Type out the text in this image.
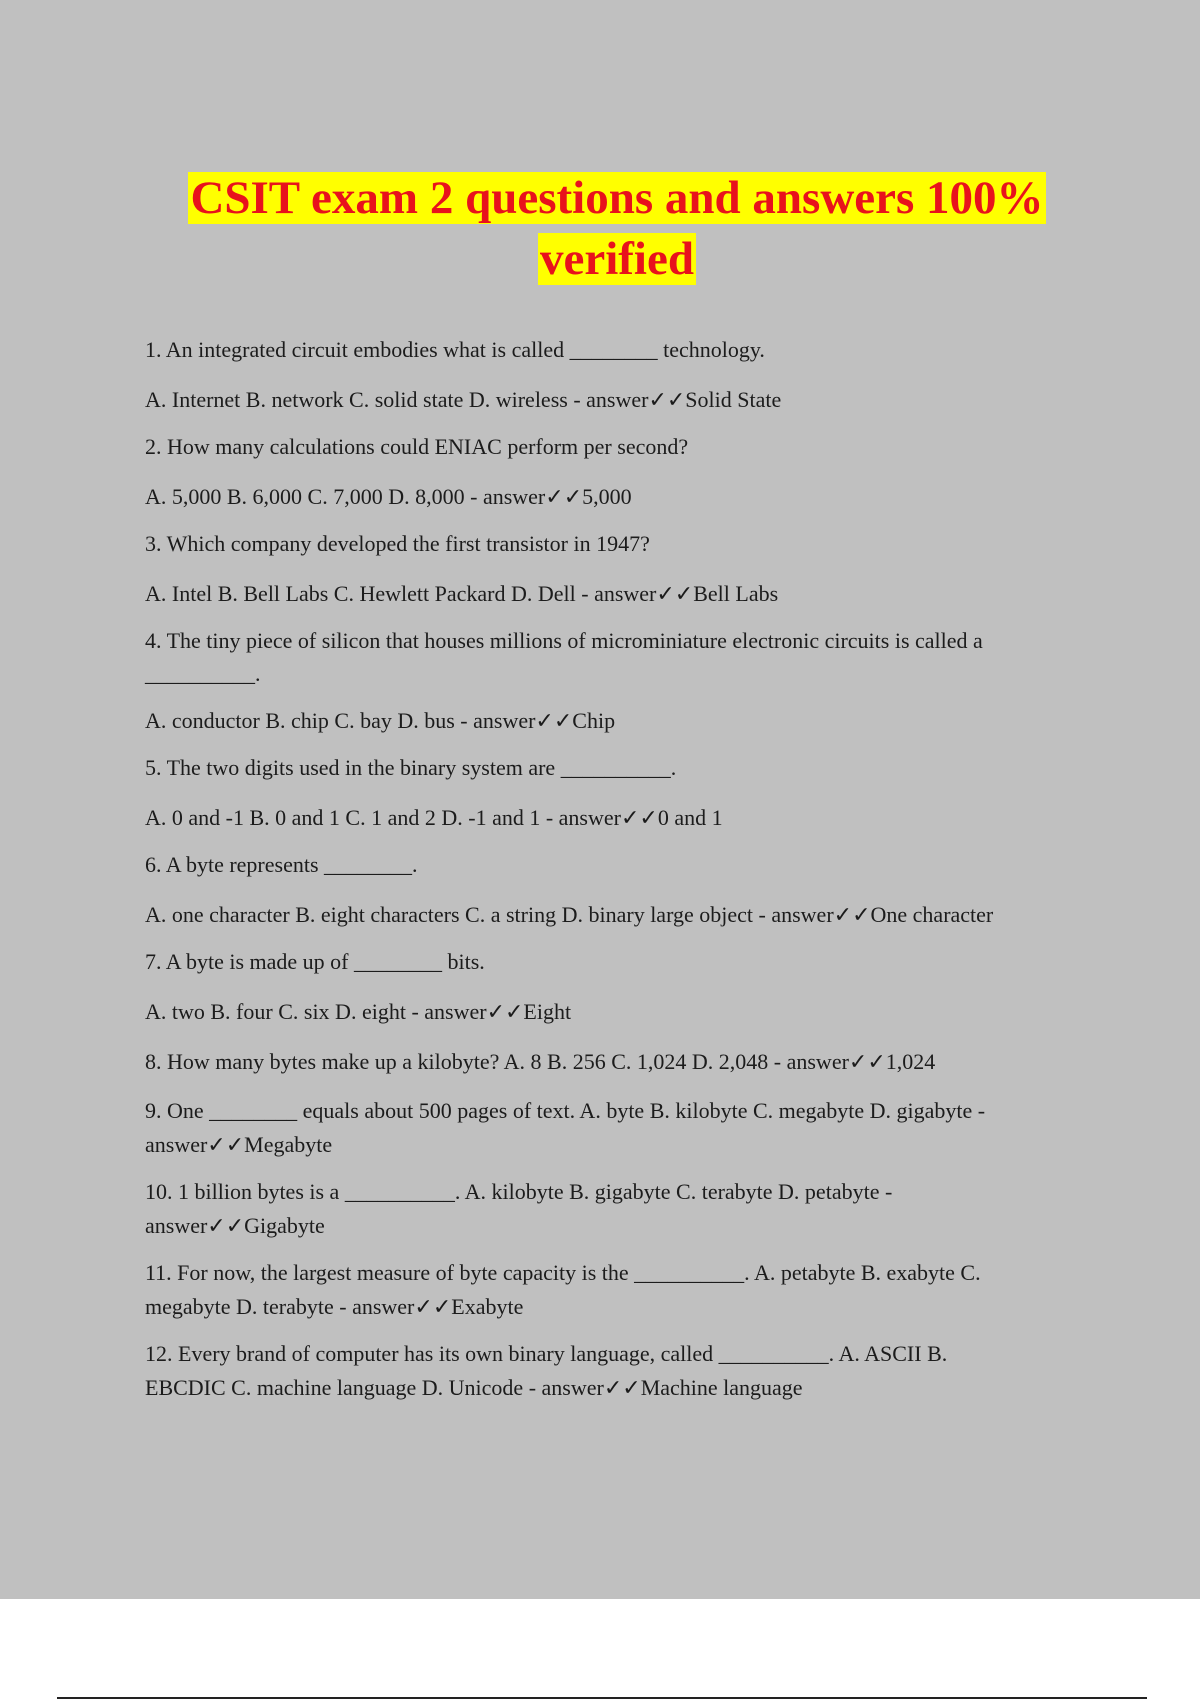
CSIT exam 2 questions and answers 100%
verified
1. An integrated circuit embodies what is called ________ technology.
A. Internet B. network C. solid state D. wireless - answer✓✓Solid State
2. How many calculations could ENIAC perform per second?
A. 5,000 B. 6,000 C. 7,000 D. 8,000 - answer✓✓5,000
3. Which company developed the first transistor in 1947?
A. Intel B. Bell Labs C. Hewlett Packard D. Dell - answer✓✓Bell Labs
4. The tiny piece of silicon that houses millions of microminiature electronic circuits is called a
__________.
A. conductor B. chip C. bay D. bus - answer✓✓Chip
5. The two digits used in the binary system are __________.
A. 0 and -1 B. 0 and 1 C. 1 and 2 D. -1 and 1 - answer✓✓0 and 1
6. A byte represents ________.
A. one character B. eight characters C. a string D. binary large object - answer✓✓One character
7. A byte is made up of ________ bits.
A. two B. four C. six D. eight - answer✓✓Eight
8. How many bytes make up a kilobyte? A. 8 B. 256 C. 1,024 D. 2,048 - answer✓✓1,024
9. One ________ equals about 500 pages of text. A. byte B. kilobyte C. megabyte D. gigabyte -
answer✓✓Megabyte
10. 1 billion bytes is a __________. A. kilobyte B. gigabyte C. terabyte D. petabyte -
answer✓✓Gigabyte
11. For now, the largest measure of byte capacity is the __________. A. petabyte B. exabyte C.
megabyte D. terabyte - answer✓✓Exabyte
12. Every brand of computer has its own binary language, called __________. A. ASCII B.
EBCDIC C. machine language D. Unicode - answer✓✓Machine language
